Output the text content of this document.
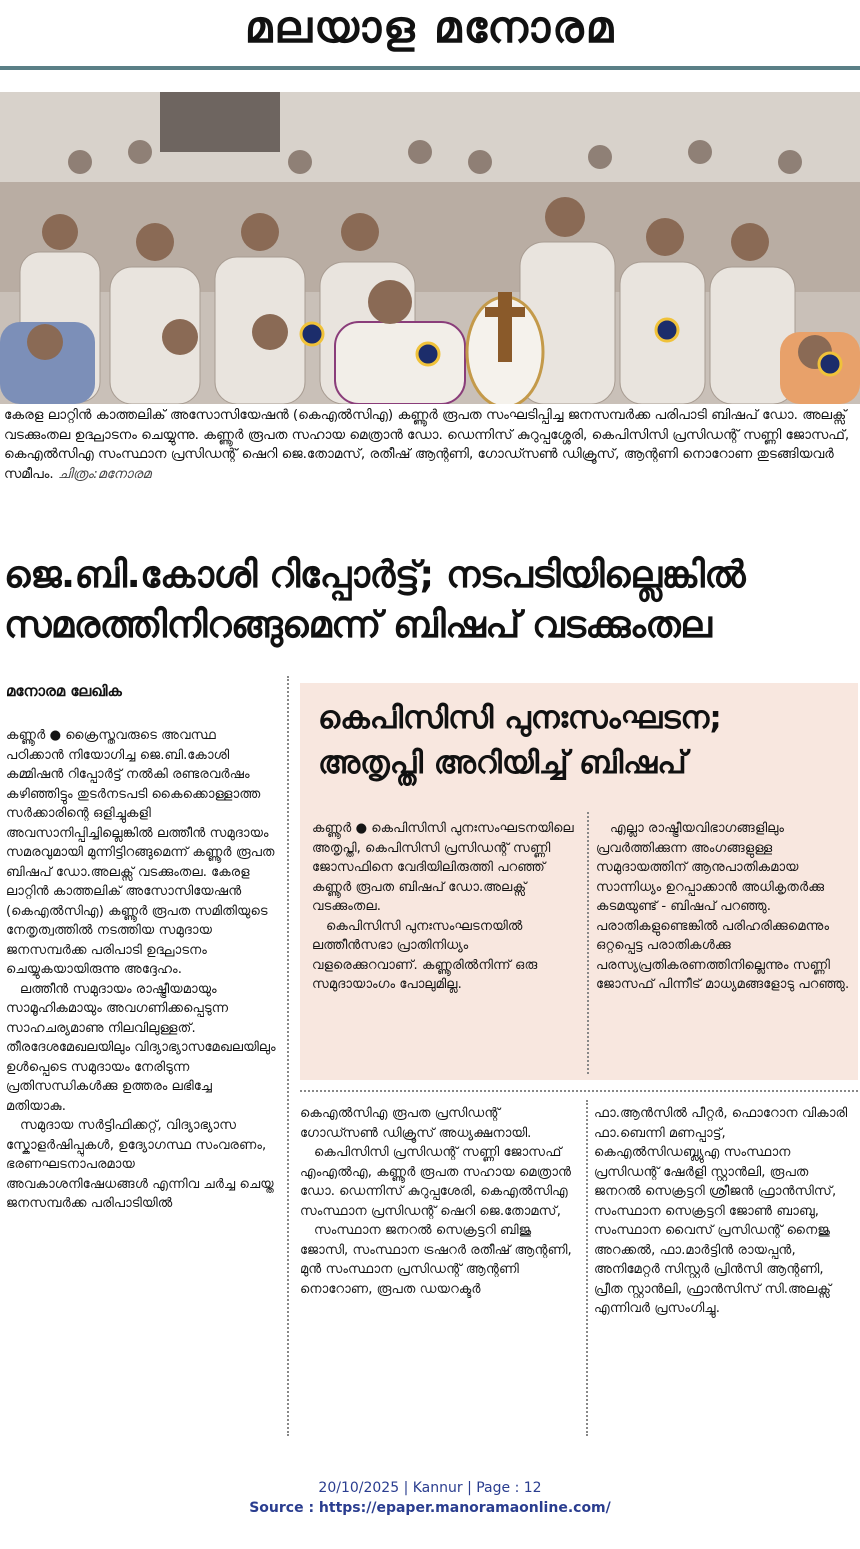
മലയാള മനോരമ
കേരള ലാറ്റിൻ കാത്തലിക് അസോസിയേഷൻ (കെഎൽസിഎ) കണ്ണൂർ രൂപത സംഘടിപ്പിച്ച ജനസമ്പർക്ക പരിപാടി ബിഷപ് ഡോ. അലക്സ് വടക്കുംതല ഉദ്ഘാടനം ചെയ്യുന്നു. കണ്ണൂർ രൂപത സഹായ മെത്രാൻ ഡോ. ഡെന്നിസ് കുറുപ്പശ്ശേരി, കെപിസിസി പ്രസിഡന്റ് സണ്ണി ജോസഫ്, കെഎൽസിഎ സംസ്ഥാന പ്രസിഡന്റ് ഷെറി ജെ.തോമസ്, രതീഷ് ആന്റണി, ഗോഡ്സൺ ഡിക്രൂസ്, ആന്റണി നൊറോണ തുടങ്ങിയവർ സമീപം. ചിത്രം:മനോരമ
ജെ.ബി.കോശി റിപ്പോർട്ട്; നടപടിയില്ലെങ്കിൽ
സമരത്തിനിറങ്ങുമെന്ന് ബിഷപ് വടക്കുംതല
മനോരമ ലേഖിക

കണ്ണൂർ ● ക്രൈസ്തവരുടെ അവസ്ഥ പഠിക്കാൻ നിയോഗിച്ച ജെ.ബി.കോശി കമ്മിഷൻ റിപ്പോർട്ട് നൽകി രണ്ടരവർഷം കഴിഞ്ഞിട്ടും തുടർനടപടി കൈക്കൊള്ളാത്ത സർക്കാരിന്റെ ഒളിച്ചുകളി അവസാനിപ്പിച്ചില്ലെങ്കിൽ ലത്തീൻ സമുദായം സമരവുമായി മുന്നിട്ടിറങ്ങുമെന്ന് കണ്ണൂർ രൂപത ബിഷപ് ഡോ.അലക്സ് വടക്കുംതല. കേരള ലാറ്റിൻ കാത്തലിക് അസോസിയേഷൻ (കെഎൽസിഎ) കണ്ണൂർ രൂപത സമിതിയുടെ നേതൃത്വത്തിൽ നടത്തിയ സമുദായ ജനസമ്പർക്ക പരിപാടി ഉദ്ഘാടനം ചെയ്യുകയായിരുന്നു അദ്ദേഹം.

ലത്തീൻ സമുദായം രാഷ്ട്രീയമായും സാമൂഹികമായും അവഗണിക്കപ്പെടുന്ന സാഹചര്യമാണു നിലവിലുള്ളത്. തീരദേശമേഖലയിലും വിദ്യാഭ്യാസമേഖലയിലും ഉൾപ്പെടെ സമുദായം നേരിടുന്ന പ്രതിസന്ധികൾക്കു ഉത്തരം ലഭിച്ചേ മതിയാകു.

സമുദായ സർട്ടിഫിക്കറ്റ്, വിദ്യാഭ്യാസ സ്കോളർഷിപ്പുകൾ, ഉദ്യോഗസ്ഥ സംവരണം, ഭരണഘടനാപരമായ അവകാശനിഷേധങ്ങൾ എന്നിവ ചർച്ച ചെയ്ത ജനസമ്പർക്ക പരിപാടിയിൽ

കെപിസിസി പുനഃസംഘടന;
അതൃപ്തി അറിയിച്ച് ബിഷപ്

കണ്ണൂർ ● കെപിസിസി പുനഃസംഘടനയിലെ അതൃപ്തി, കെപിസിസി പ്രസിഡന്റ് സണ്ണി ജോസഫിനെ വേദിയിലിരുത്തി പറഞ്ഞ് കണ്ണൂർ രൂപത ബിഷപ് ഡോ.അലക്സ് വടക്കുംതല.

കെപിസിസി പുനഃസംഘടനയിൽ ലത്തീൻസഭാ പ്രാതിനിധ്യം വളരെക്കുറവാണ്. കണ്ണൂരിൽനിന്ന് ഒരു സമുദായാംഗം പോലുമില്ല.

എല്ലാ രാഷ്ട്രീയവിഭാഗങ്ങളിലും പ്രവർത്തിക്കുന്ന അംഗങ്ങളുള്ള സമുദായത്തിന് ആനുപാതികമായ സാന്നിധ്യം ഉറപ്പാക്കാൻ അധികൃതർക്കു കടമയുണ്ട് - ബിഷപ് പറഞ്ഞു. പരാതികളുണ്ടെങ്കിൽ പരിഹരിക്കുമെന്നും ഒറ്റപ്പെട്ട പരാതികൾക്കു പരസ്യപ്രതികരണത്തിനില്ലെന്നും സണ്ണി ജോസഫ് പിന്നീട് മാധ്യമങ്ങളോടു പറഞ്ഞു.

കെഎൽസിഎ രൂപത പ്രസിഡന്റ് ഗോഡ്സൺ ഡിക്രൂസ് അധ്യക്ഷനായി.

കെപിസിസി പ്രസിഡന്റ് സണ്ണി ജോസഫ് എംഎൽഎ, കണ്ണൂർ രൂപത സഹായ മെത്രാൻ ഡോ. ഡെന്നിസ് കുറുപ്പശേരി, കെഎൽസിഎ സംസ്ഥാന പ്രസിഡന്റ് ഷെറി ജെ.തോമസ്,

സംസ്ഥാന ജനറൽ സെക്രട്ടറി ബിജു ജോസി, സംസ്ഥാന ട്രഷറർ രതീഷ് ആന്റണി, മുൻ സംസ്ഥാന പ്രസിഡന്റ് ആന്റണി നൊറോണ, രൂപത ഡയറക്ടർ

ഫാ.ആൻസിൽ പീറ്റർ, ഫൊറോന വികാരി ഫാ.ബെന്നി മണപ്പാട്ട്, കെഎൽസിഡബ്ല്യുഎ സംസ്ഥാന പ്രസിഡന്റ് ഷേർളി സ്റ്റാൻലി, രൂപത ജനറൽ സെക്രട്ടറി ശ്രീജൻ ഫ്രാൻസിസ്, സംസ്ഥാന സെക്രട്ടറി ജോൺ ബാബു, സംസ്ഥാന വൈസ് പ്രസിഡന്റ് നൈജു അറക്കൽ, ഫാ.മാർട്ടിൻ രായപ്പൻ, അനിമേറ്റർ സിസ്റ്റർ പ്രിൻസി ആന്റണി, പ്രീത സ്റ്റാൻലി, ഫ്രാൻസിസ് സി.അലക്സ് എന്നിവർ പ്രസംഗിച്ചു.

20/10/2025 | Kannur | Page : 12
Source : https://epaper.manoramaonline.com/
